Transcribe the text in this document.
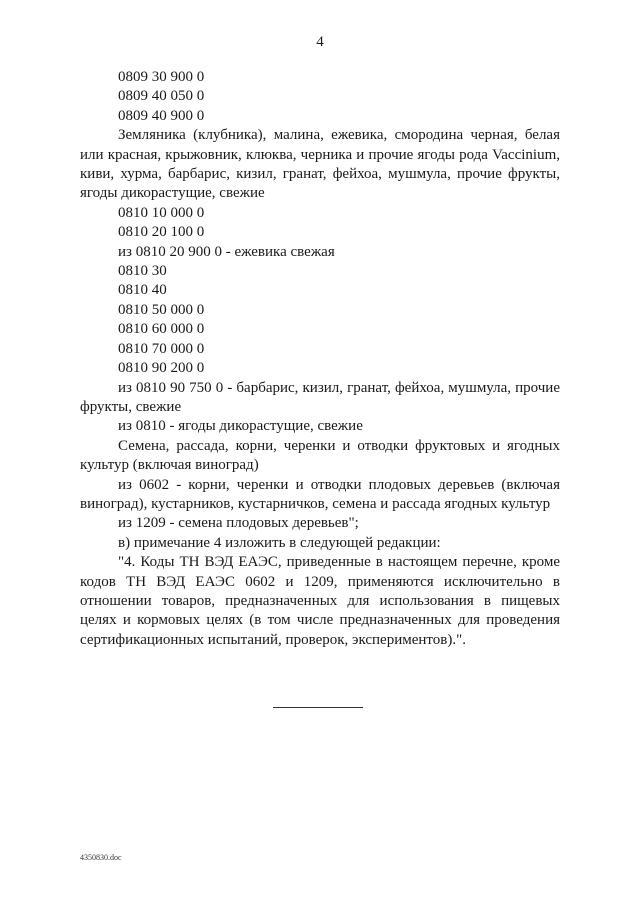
4
0809 30 900 0
0809 40 050 0
0809 40 900 0
Земляника (клубника), малина, ежевика, смородина черная, белая или красная, крыжовник, клюква, черника и прочие ягоды рода Vaccinium, киви, хурма, барбарис, кизил, гранат, фейхоа, мушмула, прочие фрукты, ягоды дикорастущие, свежие
0810 10 000 0
0810 20 100 0
из 0810 20 900 0 - ежевика свежая
0810 30
0810 40
0810 50 000 0
0810 60 000 0
0810 70 000 0
0810 90 200 0
из 0810 90 750 0 - барбарис, кизил, гранат, фейхоа, мушмула, прочие фрукты, свежие
из 0810 - ягоды дикорастущие, свежие
Семена, рассада, корни, черенки и отводки фруктовых и ягодных культур (включая виноград)
из 0602 - корни, черенки и отводки плодовых деревьев (включая виноград), кустарников, кустарничков, семена и рассада ягодных культур
из 1209 - семена плодовых деревьев";
в) примечание 4 изложить в следующей редакции:
"4. Коды ТН ВЭД ЕАЭС, приведенные в настоящем перечне, кроме кодов ТН ВЭД ЕАЭС 0602 и 1209, применяются исключительно в отношении товаров, предназначенных для использования в пищевых целях и кормовых целях (в том числе предназначенных для проведения сертификационных испытаний, проверок, экспериментов).".
4350830.doc
